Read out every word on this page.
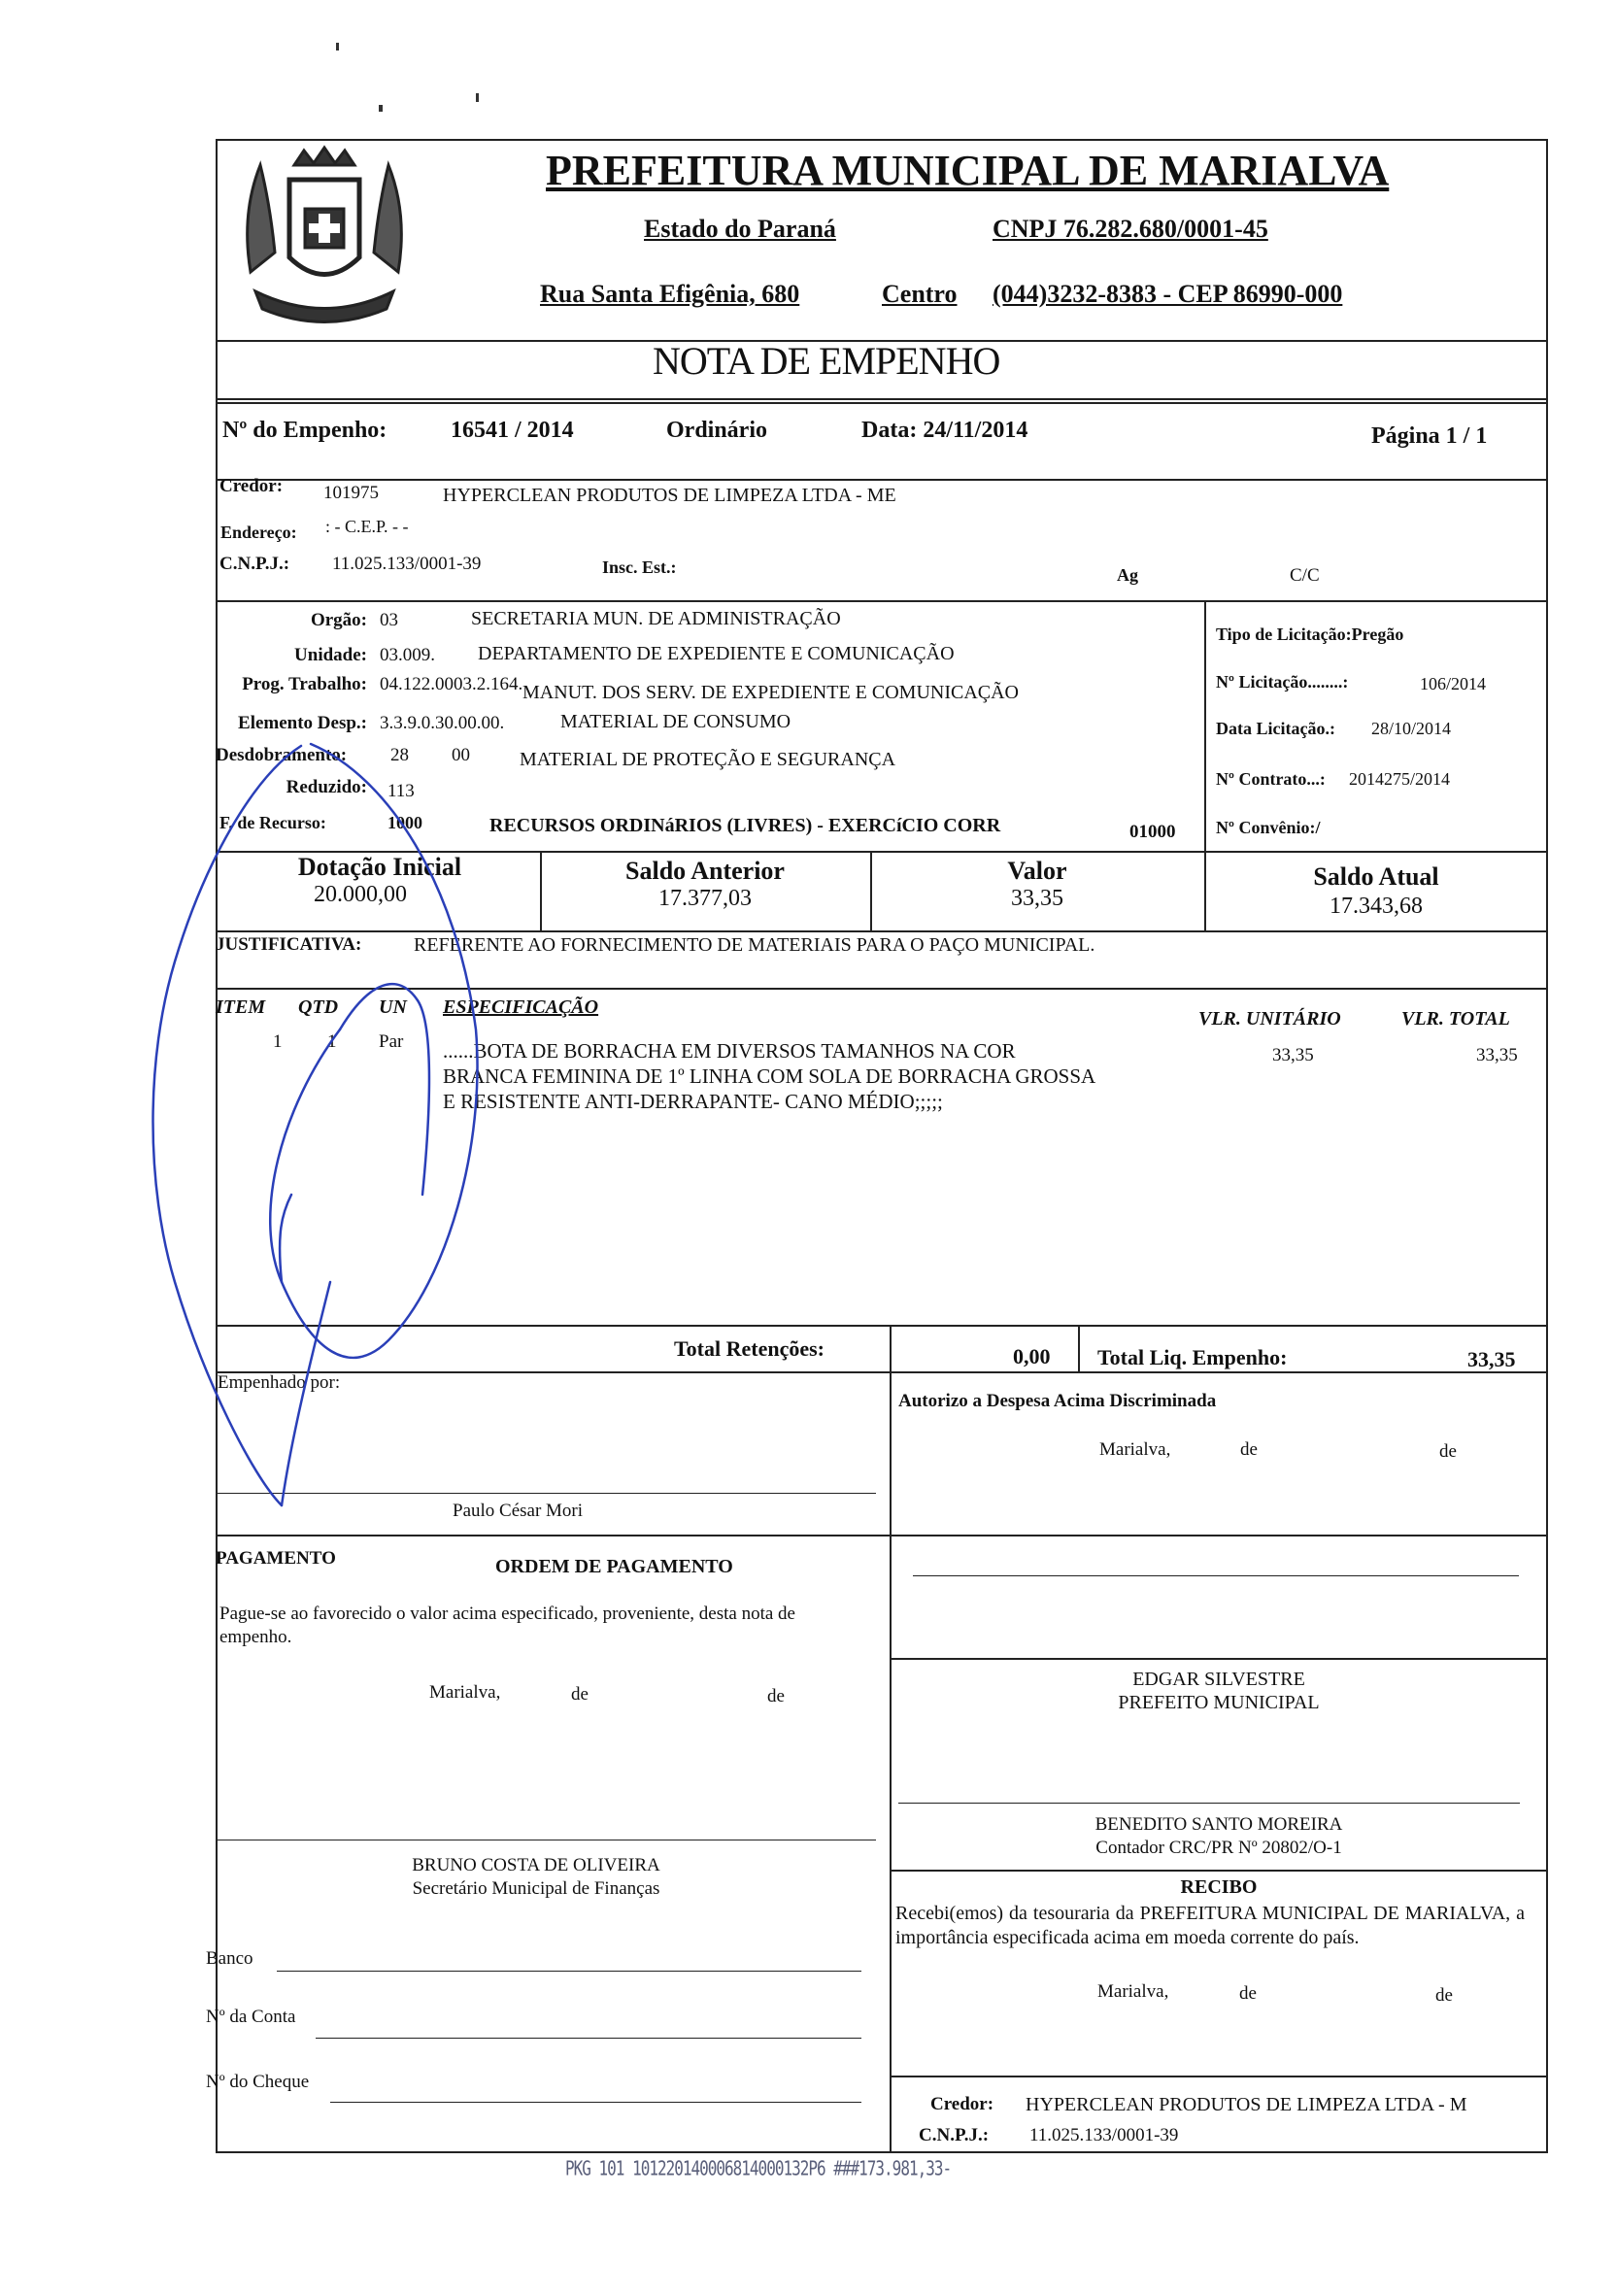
PREFEITURA MUNICIPAL DE MARIALVA
Estado do Paraná	CNPJ 76.282.680/0001-45
Rua Santa Efigênia, 680	Centro (044)3232-8383 - CEP 86990-000
NOTA DE EMPENHO
Nº do Empenho:	16541 / 2014	Ordinário	Data: 24/11/2014	Página 1 / 1
Credor: 101975	HYPERCLEAN PRODUTOS DE LIMPEZA LTDA - ME
Endereço: : - C.E.P. - -
C.N.P.J.: 11.025.133/0001-39	Insc. Est.:	Ag	C/C
Orgão: 03	SECRETARIA MUN. DE ADMINISTRAÇÃO
Unidade: 03.009. DEPARTAMENTO DE EXPEDIENTE E COMUNICAÇÃO
Prog. Trabalho: 04.122.0003.2.164. MANUT. DOS SERV. DE EXPEDIENTE E COMUNICAÇÃO
Elemento Desp.: 3.3.9.0.30.00.00.	MATERIAL DE CONSUMO
Desdobramento: 28 00	MATERIAL DE PROTEÇÃO E SEGURANÇA
Reduzido: 113
F. de Recurso:	1000	RECURSOS ORDINáRIOS (LIVRES) - EXERCíCIO CORR	01000
Tipo de Licitação:Pregão
Nº Licitação........:	106/2014
Data Licitação.: 28/10/2014
Nº Contrato...: 2014275/2014
Nº Convênio:/
Dotação Inicial
20.000,00
Saldo Anterior
17.377,03
Valor
33,35
Saldo Atual
17.343,68
JUSTIFICATIVA:	REFERENTE AO FORNECIMENTO DE MATERIAIS PARA O PAÇO MUNICIPAL.
ITEM QTD UN ESPECIFICAÇÃO
VLR. UNITÁRIO	VLR. TOTAL
1 1 Par ......BOTA DE BORRACHA EM DIVERSOS TAMANHOS NA COR
BRANCA FEMININA DE 1º LINHA COM SOLA DE BORRACHA GROSSA
E RESISTENTE ANTI-DERRAPANTE- CANO MÉDIO;;;;;
33,35	33,35
Total Retenções:	0,00 Total Liq. Empenho:	33,35
Empenhado por:
Paulo César Mori
Autorizo a Despesa Acima Discriminada
Marialva,	de	de
PAGAMENTO	ORDEM DE PAGAMENTO
Pague-se ao favorecido o valor acima especificado, proveniente, desta nota de empenho.
Marialva,	de	de
BRUNO COSTA DE OLIVEIRA
Secretário Municipal de Finanças
Banco
Nº da Conta
Nº do Cheque
EDGAR SILVESTRE
PREFEITO MUNICIPAL
BENEDITO SANTO MOREIRA
Contador CRC/PR Nº 20802/O-1
RECIBO
Recebi(emos) da tesouraria da PREFEITURA MUNICIPAL DE MARIALVA, a importância especificada acima em moeda corrente do país.
Marialva,	de	de
Credor: HYPERCLEAN PRODUTOS DE LIMPEZA LTDA - M
C.N.P.J.: 11.025.133/0001-39
PKG 101 101220140006814000132P6 ###173.981,33-
